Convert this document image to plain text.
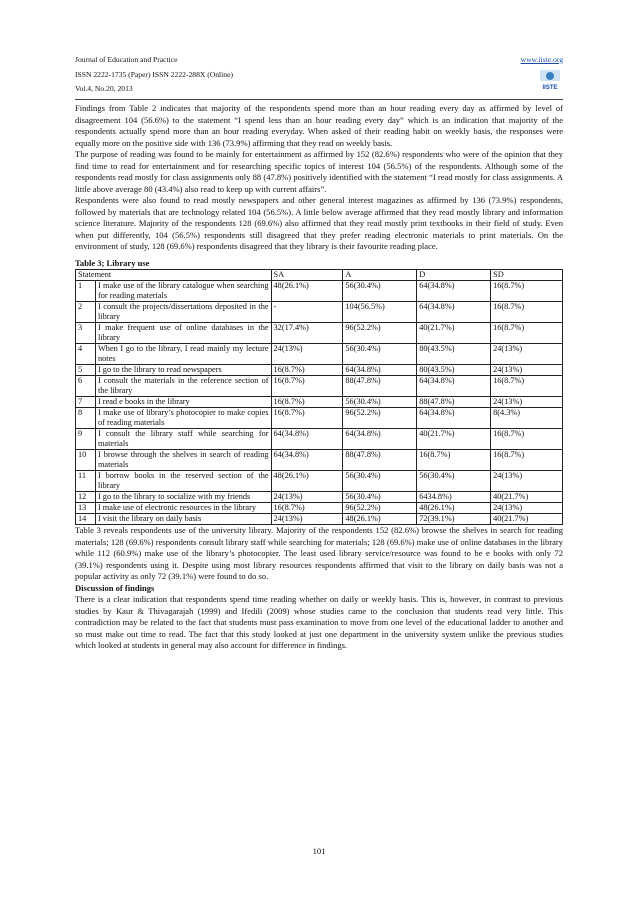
Journal of Education and Practice	www.iiste.org
ISSN 2222-1735 (Paper) ISSN 2222-288X (Online)
Vol.4, No.20, 2013	IISTE

Findings from Table 2 indicates that majority of the respondents spend more than an hour reading every day as affirmed by level of disagreement 104 (56.6%) to the statement “I spend less than an hour reading every day” which is an indication that majority of the respondents actually spend more than an hour reading everyday. When asked of their reading habit on weekly basis, the responses were equally more on the positive side with 136 (73.9%) affirming that they read on weekly basis.

The purpose of reading was found to be mainly for entertainment as affirmed by 152 (82.6%) respondents who were of the opinion that they find time to read for entertainment and for researching specific topics of interest 104 (56.5%) of the respondents. Although some of the respondents read mostly for class assignments only 88 (47.8%) positively identified with the statement “I read mostly for class assignments. A little above average 80 (43.4%) also read to keep up with current affairs”.

Respondents were also found to read mostly newspapers and other general interest magazines as affirmed by 136 (73.9%) respondents, followed by materials that are technology related 104 (56.5%). A little below average affirmed that they read mostly library and information science literature. Majority of the respondents 128 (69.6%) also affirmed that they read mostly print textbooks in their field of study. Even when put differently, 104 (56.5%) respondents still disagreed that they prefer reading electronic materials to print materials. On the environment of study, 128 (69.6%) respondents disagreed that they library is their favourite reading place.

Table 3; Library use

Statement		SA	A	D	SD
1	I make use of the library catalogue when searching for reading materials	48(26.1%)	56(30.4%)	64(34.8%)	16(8.7%)
2	I consult the projects/dissertations deposited in the library	-	104(56.5%)	64(34.8%)	16(8.7%)
3	I make frequent use of online databases in the library	32(17.4%)	96(52.2%)	40(21.7%)	16(8.7%)
4	When I go to the library, I read mainly my lecture notes	24(13%)	56(30.4%)	80(43.5%)	24(13%)
5	I go to the library to read newspapers	16(8.7%)	64(34.8%)	80(43.5%)	24(13%)
6	I consult the materials in the reference section of the library	16(8.7%)	88(47.8%)	64(34.8%)	16(8.7%)
7	I read e books in the library	16(8.7%)	56(30.4%)	88(47.8%)	24(13%)
8	I make use of library’s photocopier to make copies of reading materials	16(8.7%)	96(52.2%)	64(34.8%)	8(4.3%)
9	I consult the library staff while searching for materials	64(34.8%)	64(34.8%)	40(21.7%)	16(8.7%)
10	I browse through the shelves in search of reading materials	64(34.8%)	88(47.8%)	16(8.7%)	16(8.7%)
11	I borrow books in the reserved section of the library	48(26.1%)	56(30.4%)	56(30.4%)	24(13%)
12	I go to the library to socialize with my friends	24(13%)	56(30.4%)	6434.8%)	40(21.7%)
13	I make use of electronic resources in the library	16(8.7%)	96(52.2%)	48(26.1%)	24(13%)
14	I visit the library on daily basis	24(13%)	48(26.1%)	72(39.1%)	40(21.7%)

Table 3 reveals respondents use of the university library. Majority of the respondents 152 (82.6%) browse the shelves in search for reading materials; 128 (69.6%) respondents consult library staff while searching for materials; 128 (69.6%) make use of online databases in the library while 112 (60.9%) make use of the library’s photocopier. The least used library service/resource was found to be e books with only 72 (39.1%) respondents using it. Despite using most library resources respondents affirmed that visit to the library on daily basis was not a popular activity as only 72 (39.1%) were found to do so.

Discussion of findings

There is a clear indication that respondents spend time reading whether on daily or weekly basis. This is, however, in contrast to previous studies by Kaur & Thivagarajah (1999) and Ifedili (2009) whose studies came to the conclusion that students read very little. This contradiction may be related to the fact that students must pass examination to move from one level of the educational ladder to another and so must make out time to read. The fact that this study looked at just one department in the university system unlike the previous studies which looked at students in general may also account for difference in findings.

101
